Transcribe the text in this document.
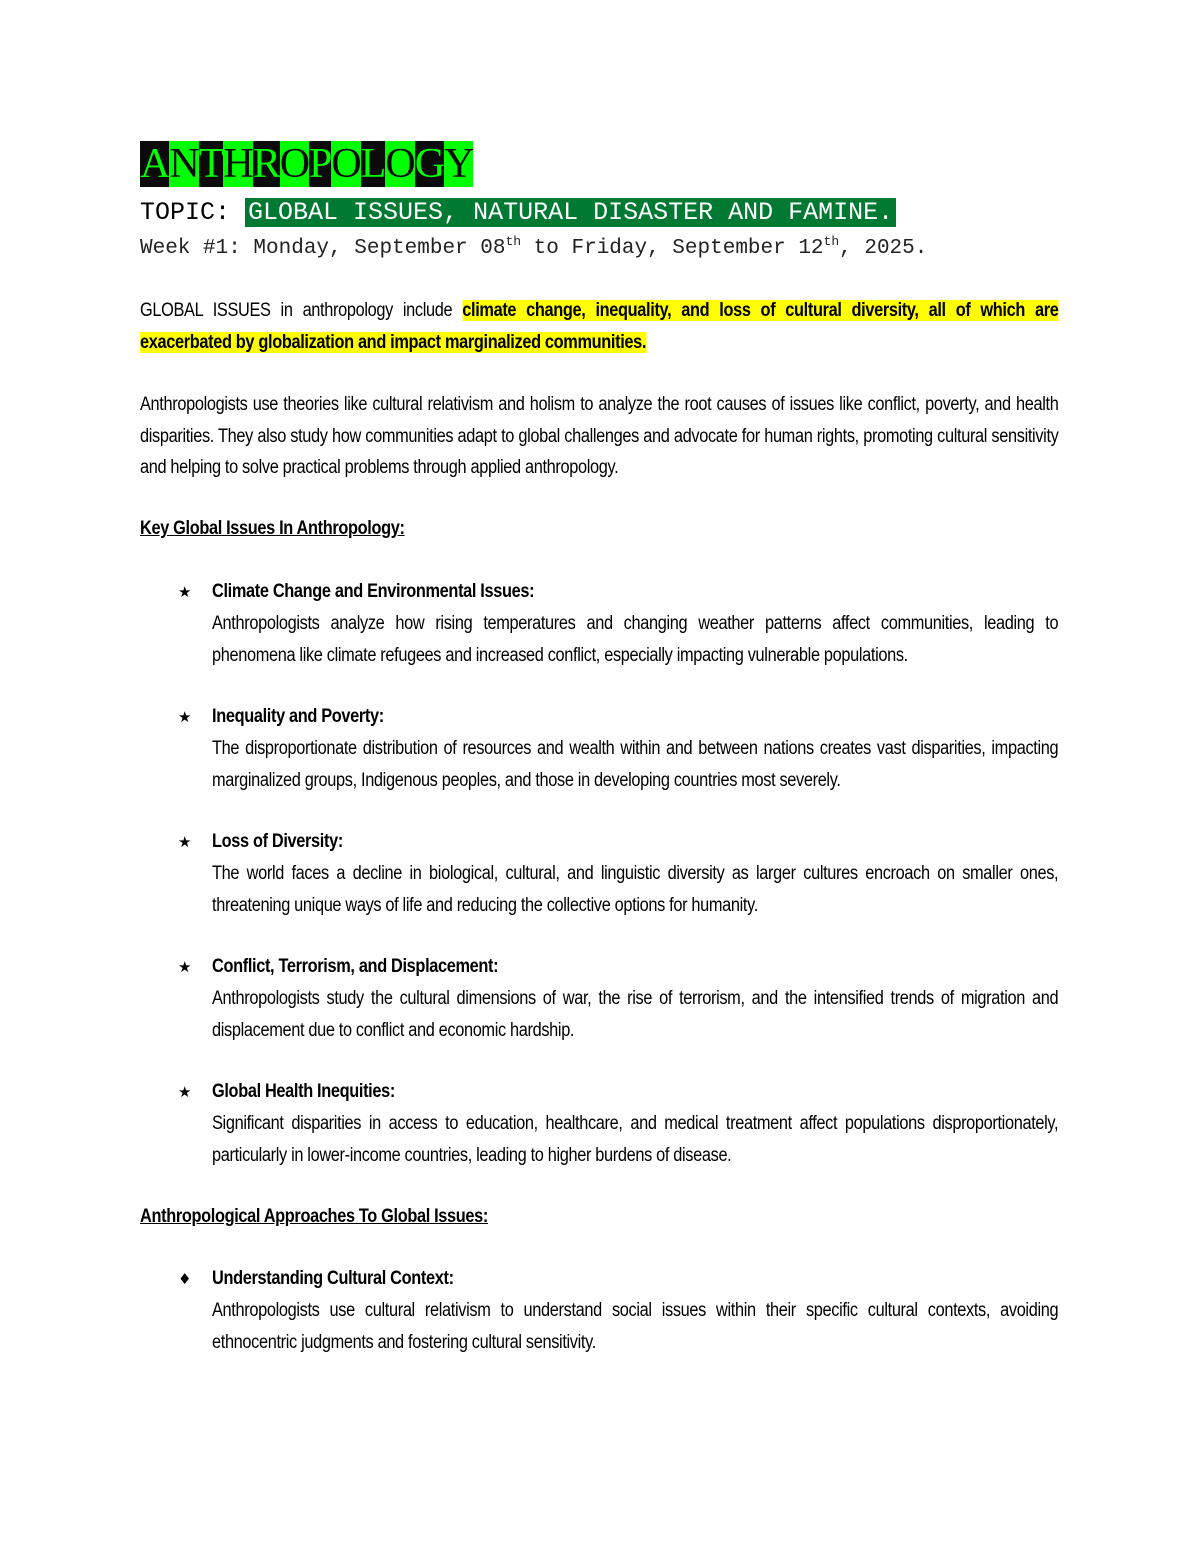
ANTHROPOLOGY
TOPIC: GLOBAL ISSUES, NATURAL DISASTER AND FAMINE.
Week #1: Monday, September 08th to Friday, September 12th, 2025.
GLOBAL ISSUES in anthropology include climate change, inequality, and loss of cultural diversity, all of which are exacerbated by globalization and impact marginalized communities.
Anthropologists use theories like cultural relativism and holism to analyze the root causes of issues like conflict, poverty, and health disparities. They also study how communities adapt to global challenges and advocate for human rights, promoting cultural sensitivity and helping to solve practical problems through applied anthropology.
Key Global Issues In Anthropology:
★	Climate Change and Environmental Issues:
Anthropologists analyze how rising temperatures and changing weather patterns affect communities, leading to phenomena like climate refugees and increased conflict, especially impacting vulnerable populations.
★	Inequality and Poverty:
The disproportionate distribution of resources and wealth within and between nations creates vast disparities, impacting marginalized groups, Indigenous peoples, and those in developing countries most severely.
★	Loss of Diversity:
The world faces a decline in biological, cultural, and linguistic diversity as larger cultures encroach on smaller ones, threatening unique ways of life and reducing the collective options for humanity.
★	Conflict, Terrorism, and Displacement:
Anthropologists study the cultural dimensions of war, the rise of terrorism, and the intensified trends of migration and displacement due to conflict and economic hardship.
★	Global Health Inequities:
Significant disparities in access to education, healthcare, and medical treatment affect populations disproportionately, particularly in lower-income countries, leading to higher burdens of disease.
Anthropological Approaches To Global Issues:
♦	Understanding Cultural Context:
Anthropologists use cultural relativism to understand social issues within their specific cultural contexts, avoiding ethnocentric judgments and fostering cultural sensitivity.
